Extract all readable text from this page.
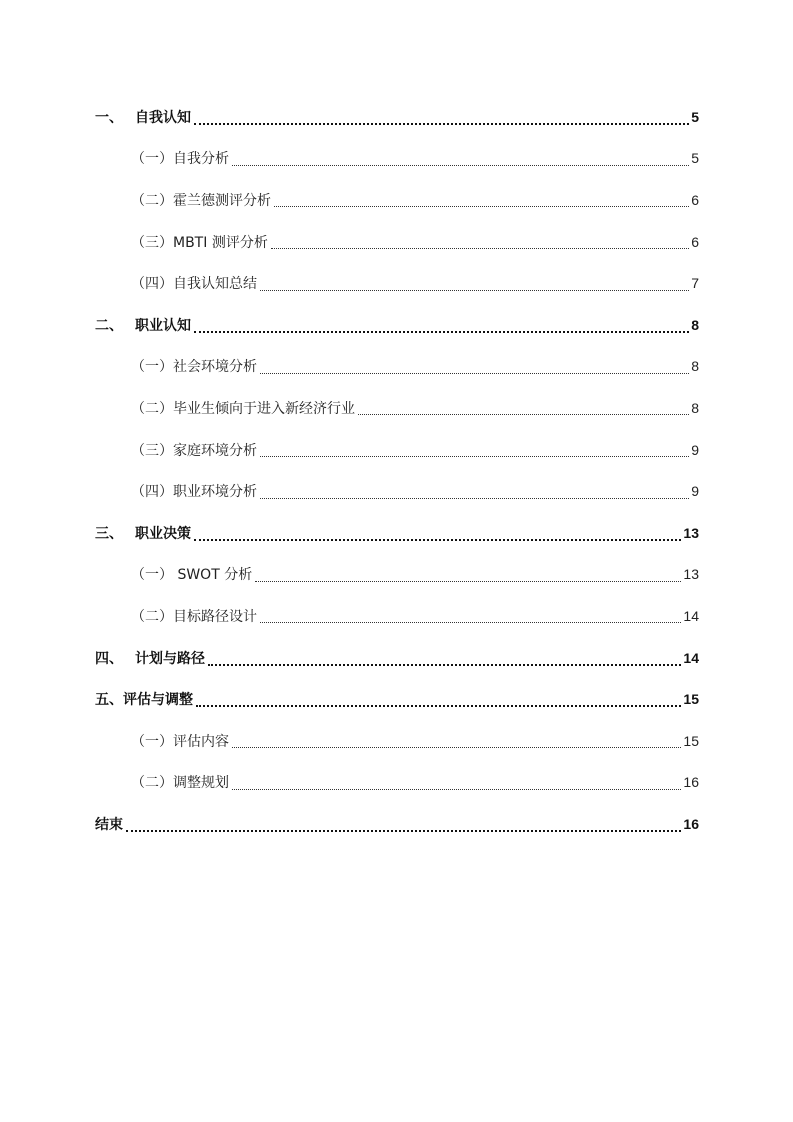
一、 自我认知	5
（一）自我分析	5
（二）霍兰德测评分析	6
（三）MBTI 测评分析	6
（四）自我认知总结	7
二、 职业认知	8
（一）社会环境分析	8
（二）毕业生倾向于进入新经济行业	8
（三）家庭环境分析	9
（四）职业环境分析	9
三、 职业决策	13
（一） SWOT 分析	13
（二）目标路径设计	14
四、 计划与路径	14
五、评估与调整	15
（一）评估内容	15
（二）调整规划	16
结束	16
